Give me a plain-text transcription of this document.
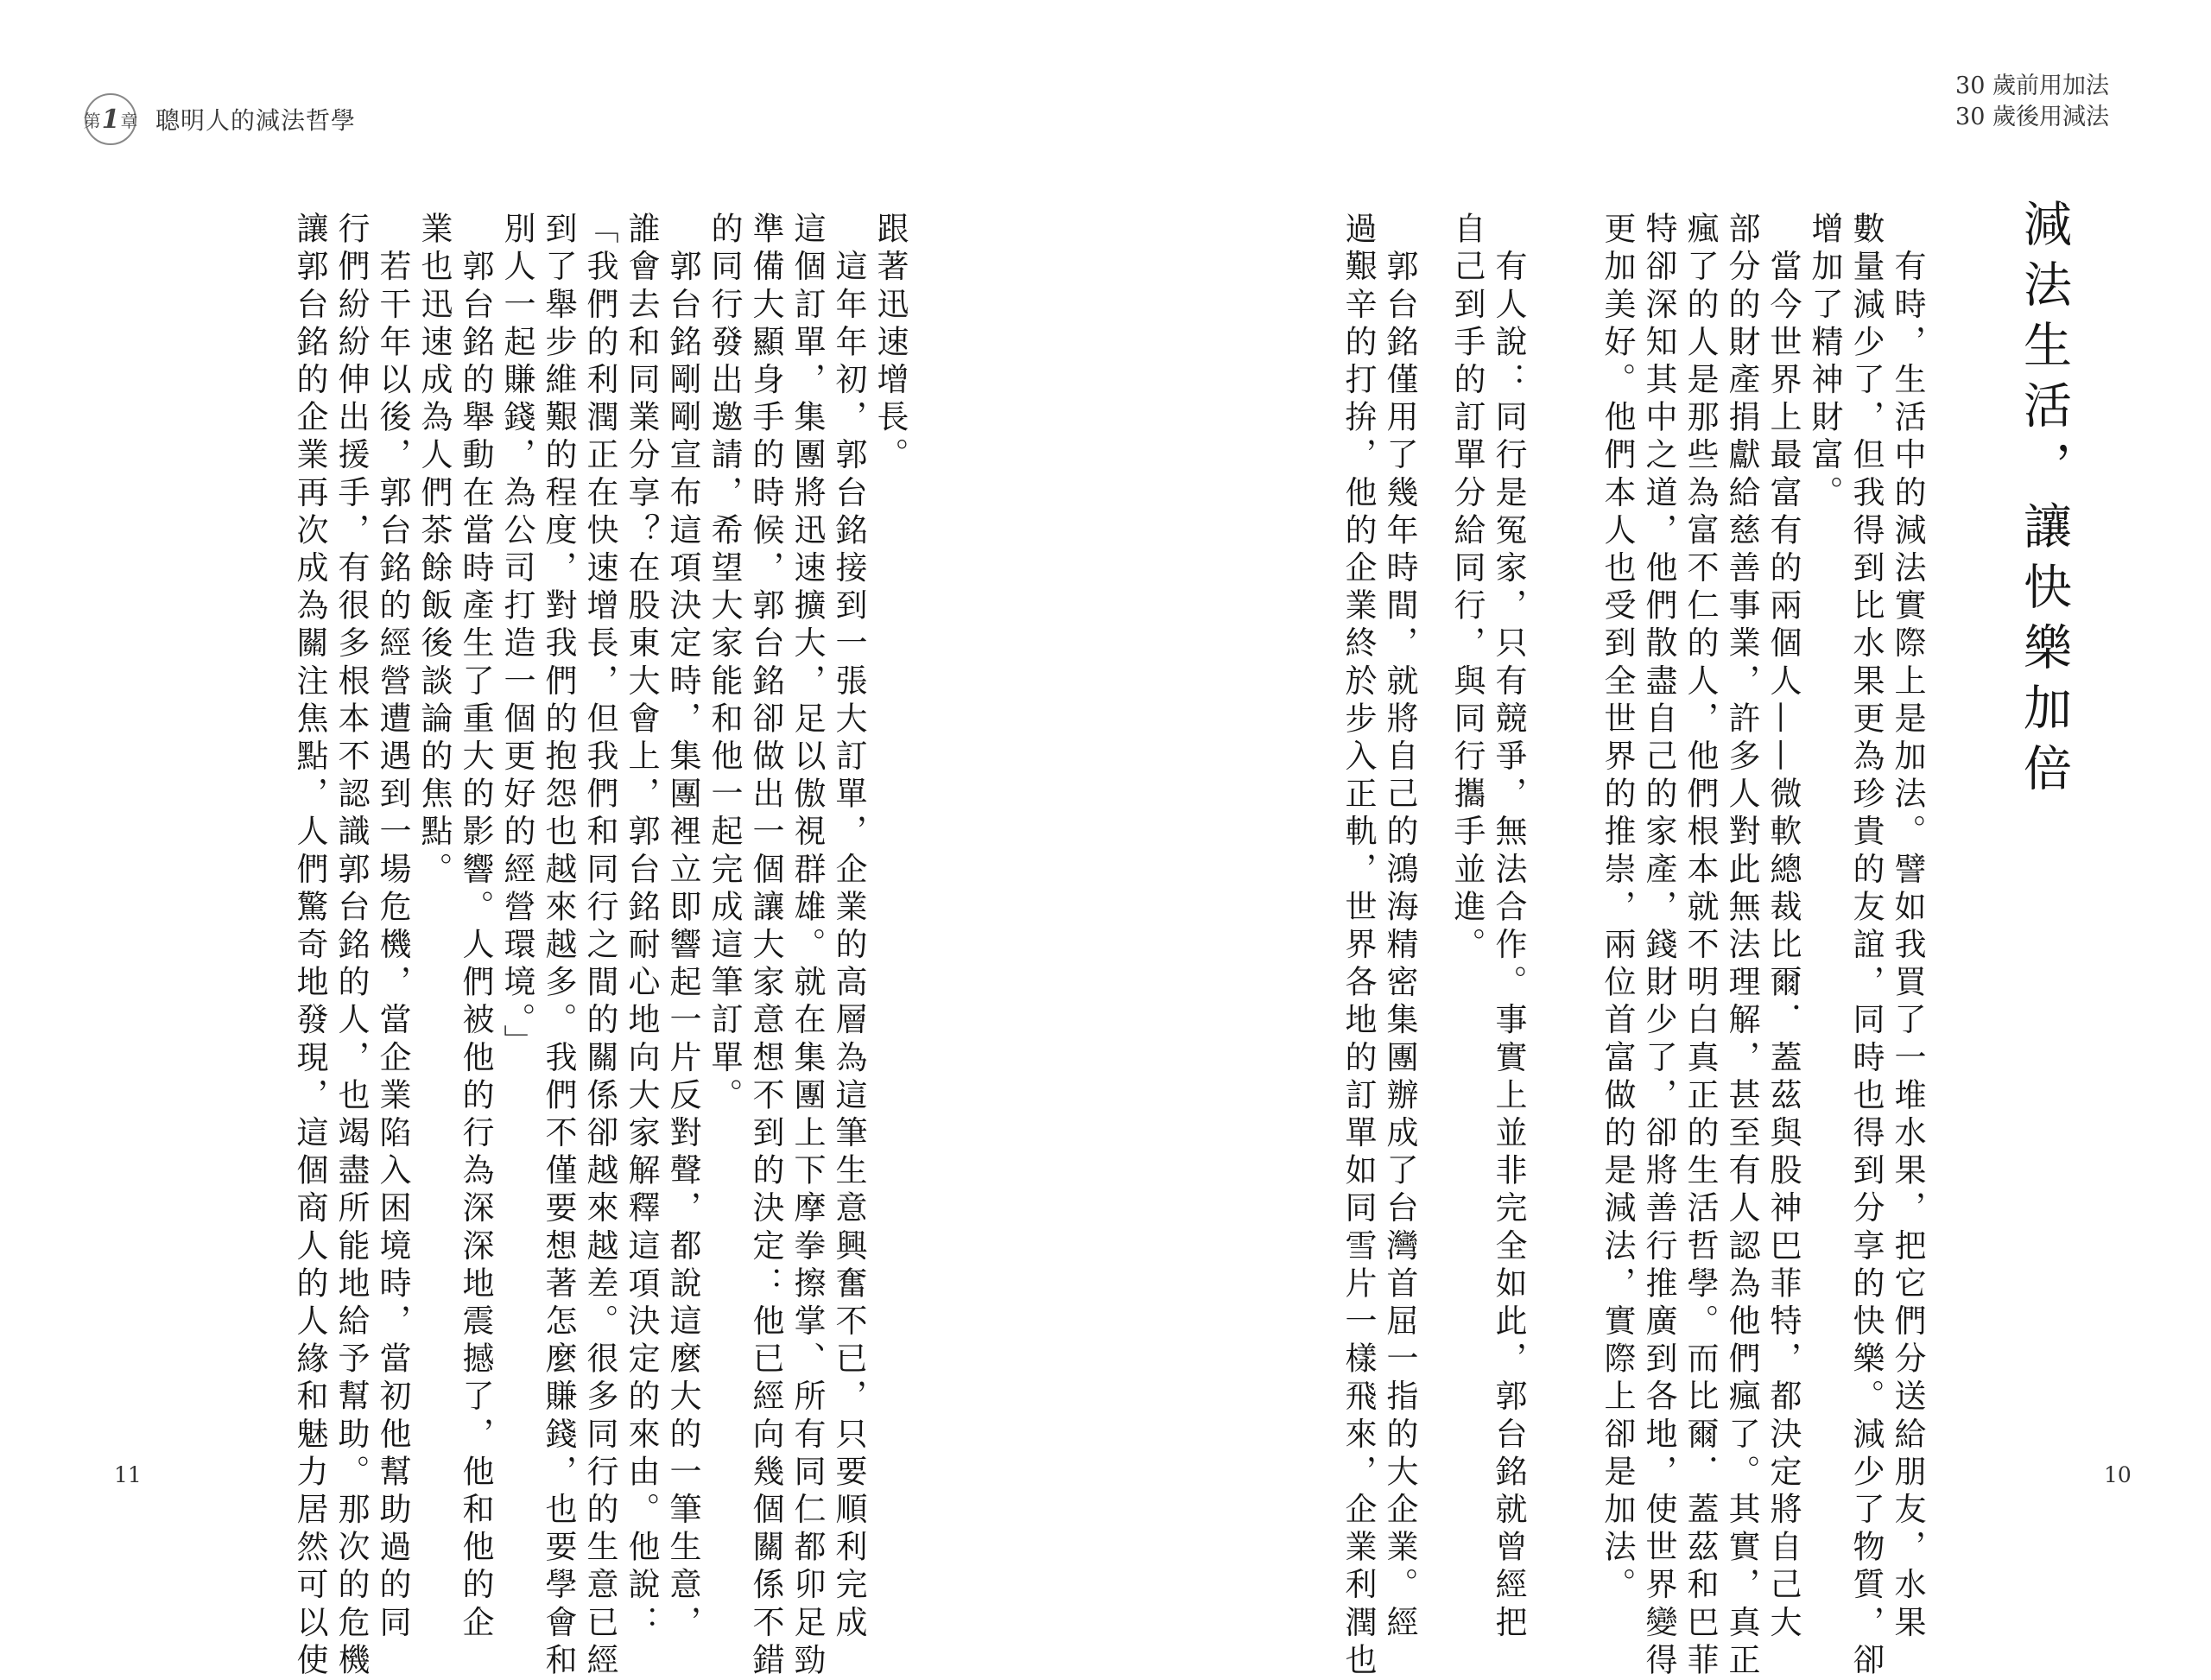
第 1 章 聰明人的減法哲學
跟著迅速增長。
　這年年初，郭台銘接到一張大訂單，企業的高層為這筆生意興奮不已，只要順利完成
這個訂單，集團將迅速擴大，足以傲視群雄。就在集團上下摩拳擦掌、所有同仁都卯足勁
準備大顯身手的時候，郭台銘卻做出一個讓大家意想不到的決定：他已經向幾個關係不錯
的同行發出邀請，希望大家能和他一起完成這筆訂單。
　郭台銘剛剛宣布這項決定時，集團裡立即響起一片反對聲，都說這麼大的一筆生意，
誰會去和同業分享？在股東大會上，郭台銘耐心地向大家解釋這項決定的來由。他說：
「我們的利潤正在快速增長，但我們和同行之間的關係卻越來越差。很多同行的生意已經
到了舉步維艱的程度，對我們的抱怨也越來越多。我們不僅要想著怎麼賺錢，也要學會和
別人一起賺錢，為公司打造一個更好的經營環境。」
　郭台銘的舉動在當時產生了重大的影響。人們被他的行為深深地震撼了，他和他的企
業也迅速成為人們茶餘飯後談論的焦點。
　若干年以後，郭台銘的經營遭遇到一場危機，當企業陷入困境時，當初他幫助過的同
行們紛紛伸出援手，有很多根本不認識郭台銘的人，也竭盡所能地給予幫助。那次的危機
讓郭台銘的企業再次成為關注焦點，人們驚奇地發現，這個商人的人緣和魅力居然可以使
11
30 歲前用加法
30 歲後用減法
減法生活，讓快樂加倍
　有時，生活中的減法實際上是加法。譬如我買了一堆水果，把它們分送給朋友，水果
數量減少了，但我得到比水果更為珍貴的友誼，同時也得到分享的快樂。減少了物質，卻
增加了精神財富。
　當今世界上最富有的兩個人——微軟總裁比爾．蓋茲與股神巴菲特，都決定將自己大
部分的財產捐獻給慈善事業，許多人對此無法理解，甚至有人認為他們瘋了。其實，真正
瘋了的人是那些為富不仁的人，他們根本就不明白真正的生活哲學。而比爾．蓋茲和巴菲
特卻深知其中之道，他們散盡自己的家產，錢財少了，卻將善行推廣到各地，使世界變得
更加美好。他們本人也受到全世界的推崇，兩位首富做的是減法，實際上卻是加法。
　有人說：同行是冤家，只有競爭，無法合作。事實上並非完全如此，郭台銘就曾經把
自己到手的訂單分給同行，與同行攜手並進。
　郭台銘僅用了幾年時間，就將自己的鴻海精密集團辦成了台灣首屈一指的大企業。經
過艱辛的打拚，他的企業終於步入正軌，世界各地的訂單如同雪片一樣飛來，企業利潤也	10
